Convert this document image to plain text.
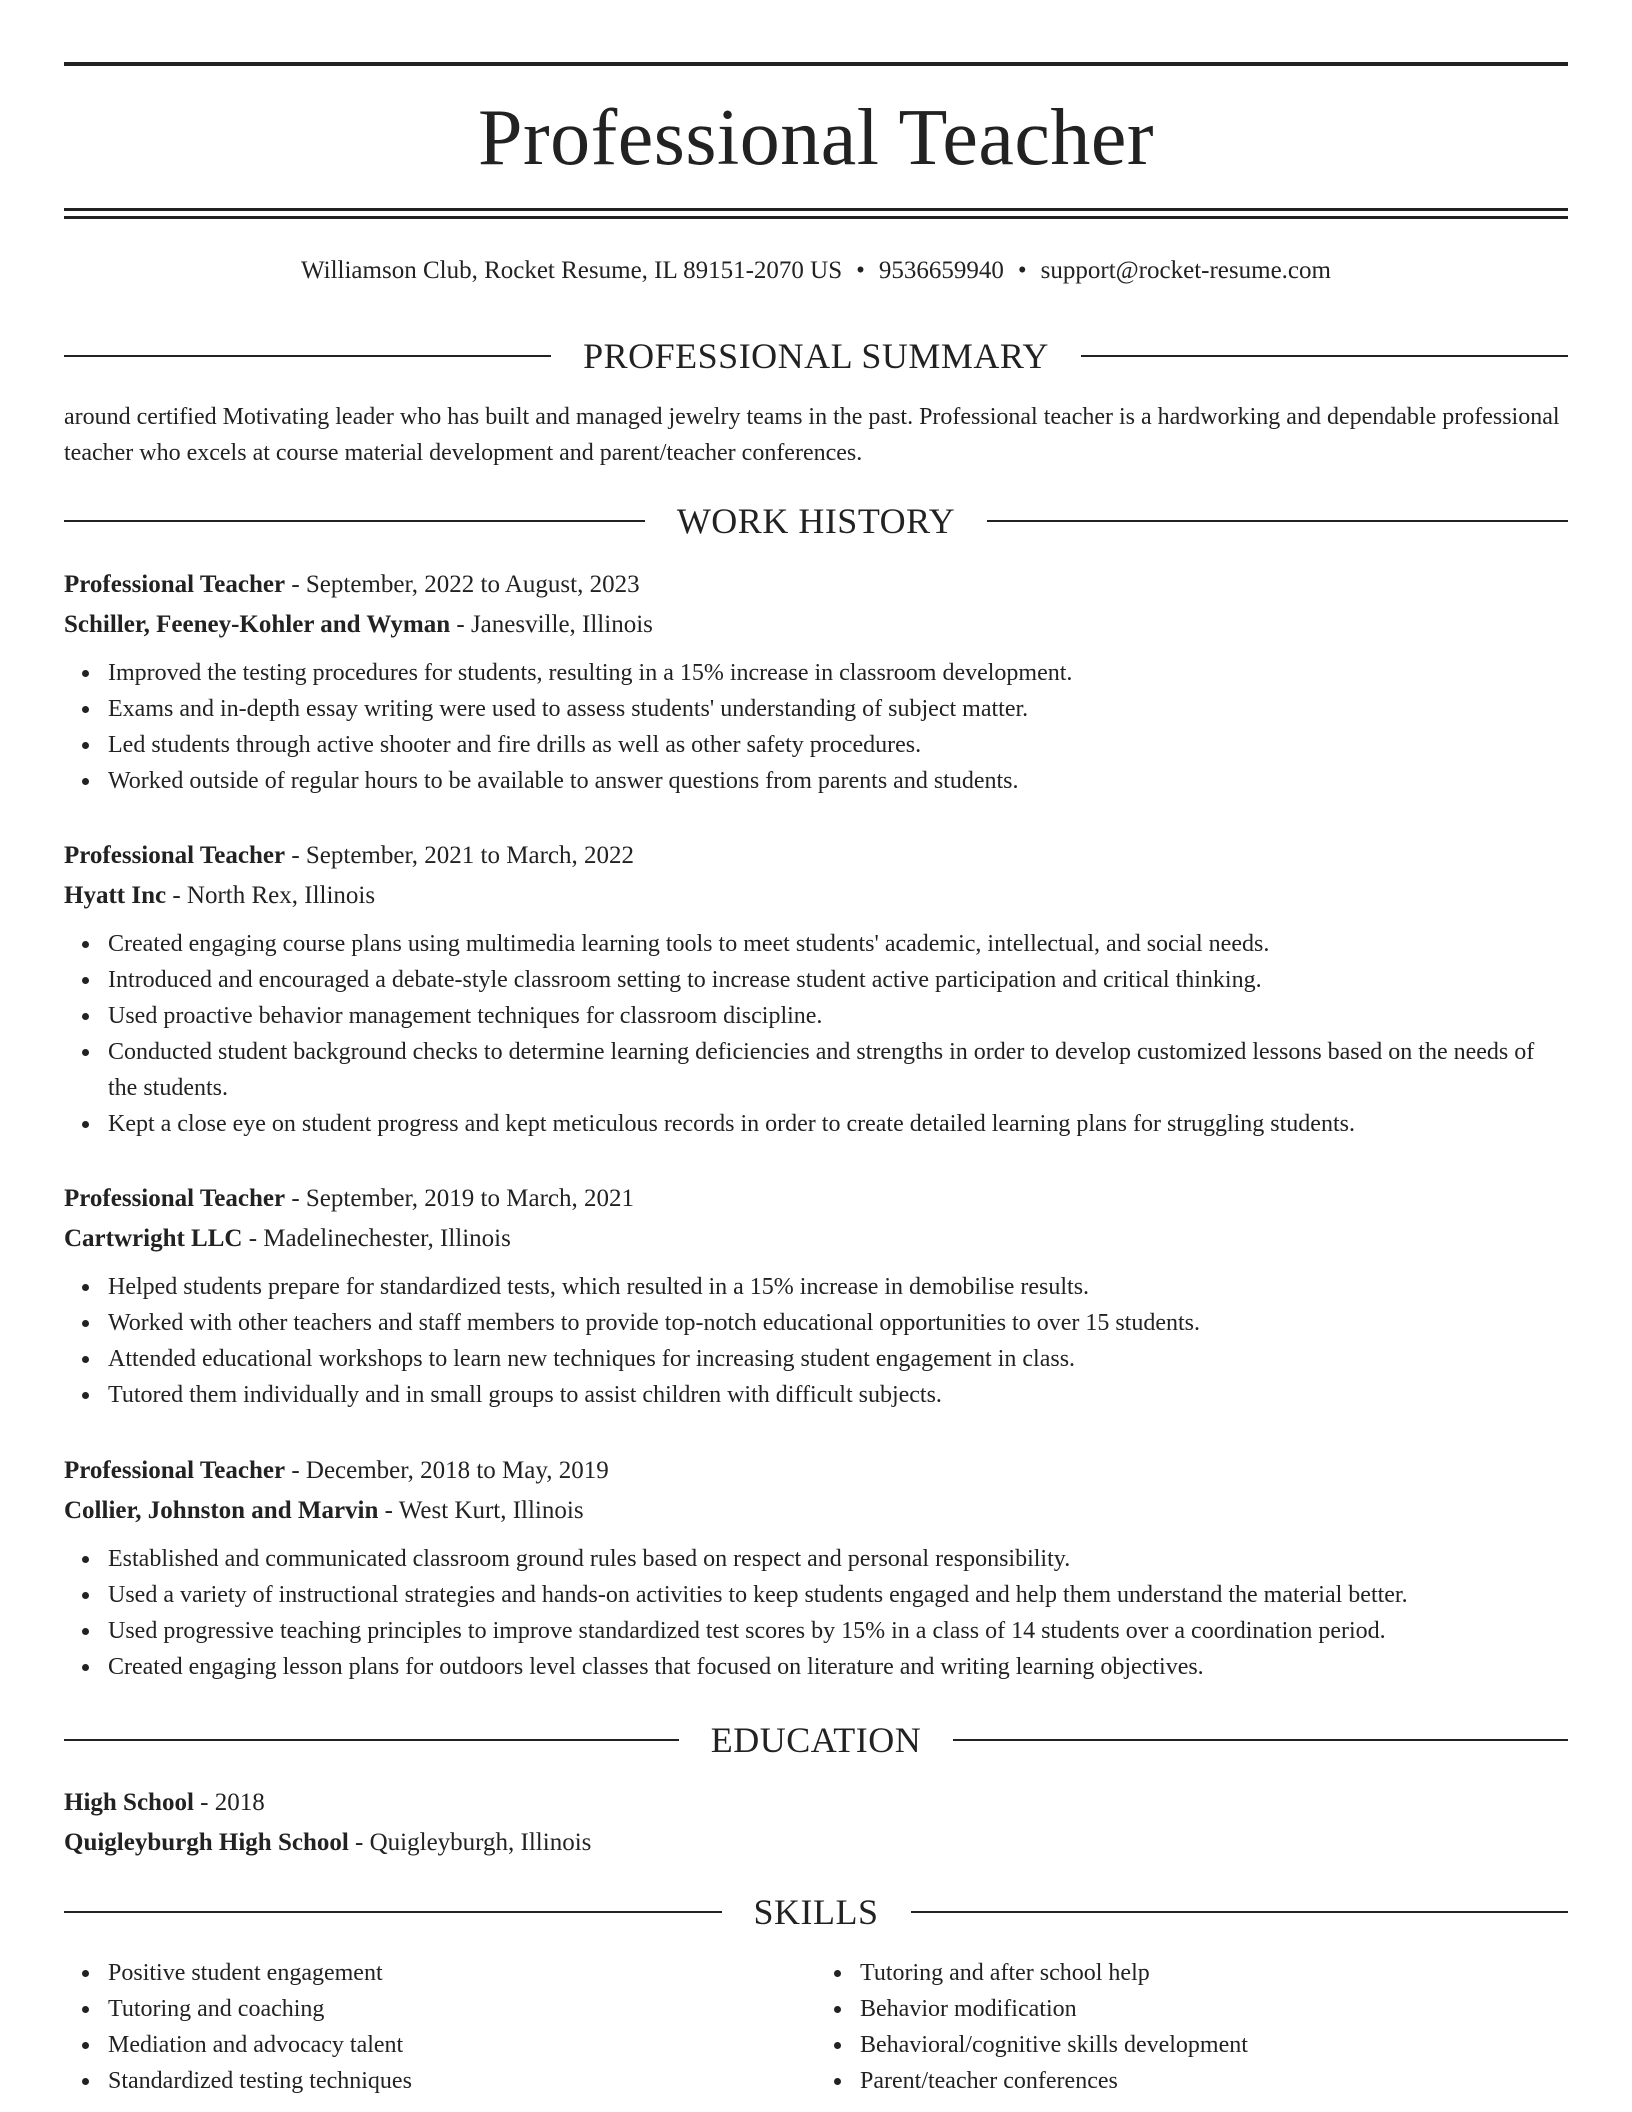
Professional Teacher
Williamson Club, Rocket Resume, IL 89151-2070 US • 9536659940 • support@rocket-resume.com
PROFESSIONAL SUMMARY
around certified Motivating leader who has built and managed jewelry teams in the past. Professional teacher is a hardworking and dependable professional teacher who excels at course material development and parent/teacher conferences.
WORK HISTORY
Professional Teacher - September, 2022 to August, 2023
Schiller, Feeney-Kohler and Wyman - Janesville, Illinois
Improved the testing procedures for students, resulting in a 15% increase in classroom development.
Exams and in-depth essay writing were used to assess students' understanding of subject matter.
Led students through active shooter and fire drills as well as other safety procedures.
Worked outside of regular hours to be available to answer questions from parents and students.
Professional Teacher - September, 2021 to March, 2022
Hyatt Inc - North Rex, Illinois
Created engaging course plans using multimedia learning tools to meet students' academic, intellectual, and social needs.
Introduced and encouraged a debate-style classroom setting to increase student active participation and critical thinking.
Used proactive behavior management techniques for classroom discipline.
Conducted student background checks to determine learning deficiencies and strengths in order to develop customized lessons based on the needs of the students.
Kept a close eye on student progress and kept meticulous records in order to create detailed learning plans for struggling students.
Professional Teacher - September, 2019 to March, 2021
Cartwright LLC - Madelinechester, Illinois
Helped students prepare for standardized tests, which resulted in a 15% increase in demobilise results.
Worked with other teachers and staff members to provide top-notch educational opportunities to over 15 students.
Attended educational workshops to learn new techniques for increasing student engagement in class.
Tutored them individually and in small groups to assist children with difficult subjects.
Professional Teacher - December, 2018 to May, 2019
Collier, Johnston and Marvin - West Kurt, Illinois
Established and communicated classroom ground rules based on respect and personal responsibility.
Used a variety of instructional strategies and hands-on activities to keep students engaged and help them understand the material better.
Used progressive teaching principles to improve standardized test scores by 15% in a class of 14 students over a coordination period.
Created engaging lesson plans for outdoors level classes that focused on literature and writing learning objectives.
EDUCATION
High School - 2018
Quigleyburgh High School - Quigleyburgh, Illinois
SKILLS
Positive student engagement
Tutoring and coaching
Mediation and advocacy talent
Standardized testing techniques
Tutoring and after school help
Behavior modification
Behavioral/cognitive skills development
Parent/teacher conferences
